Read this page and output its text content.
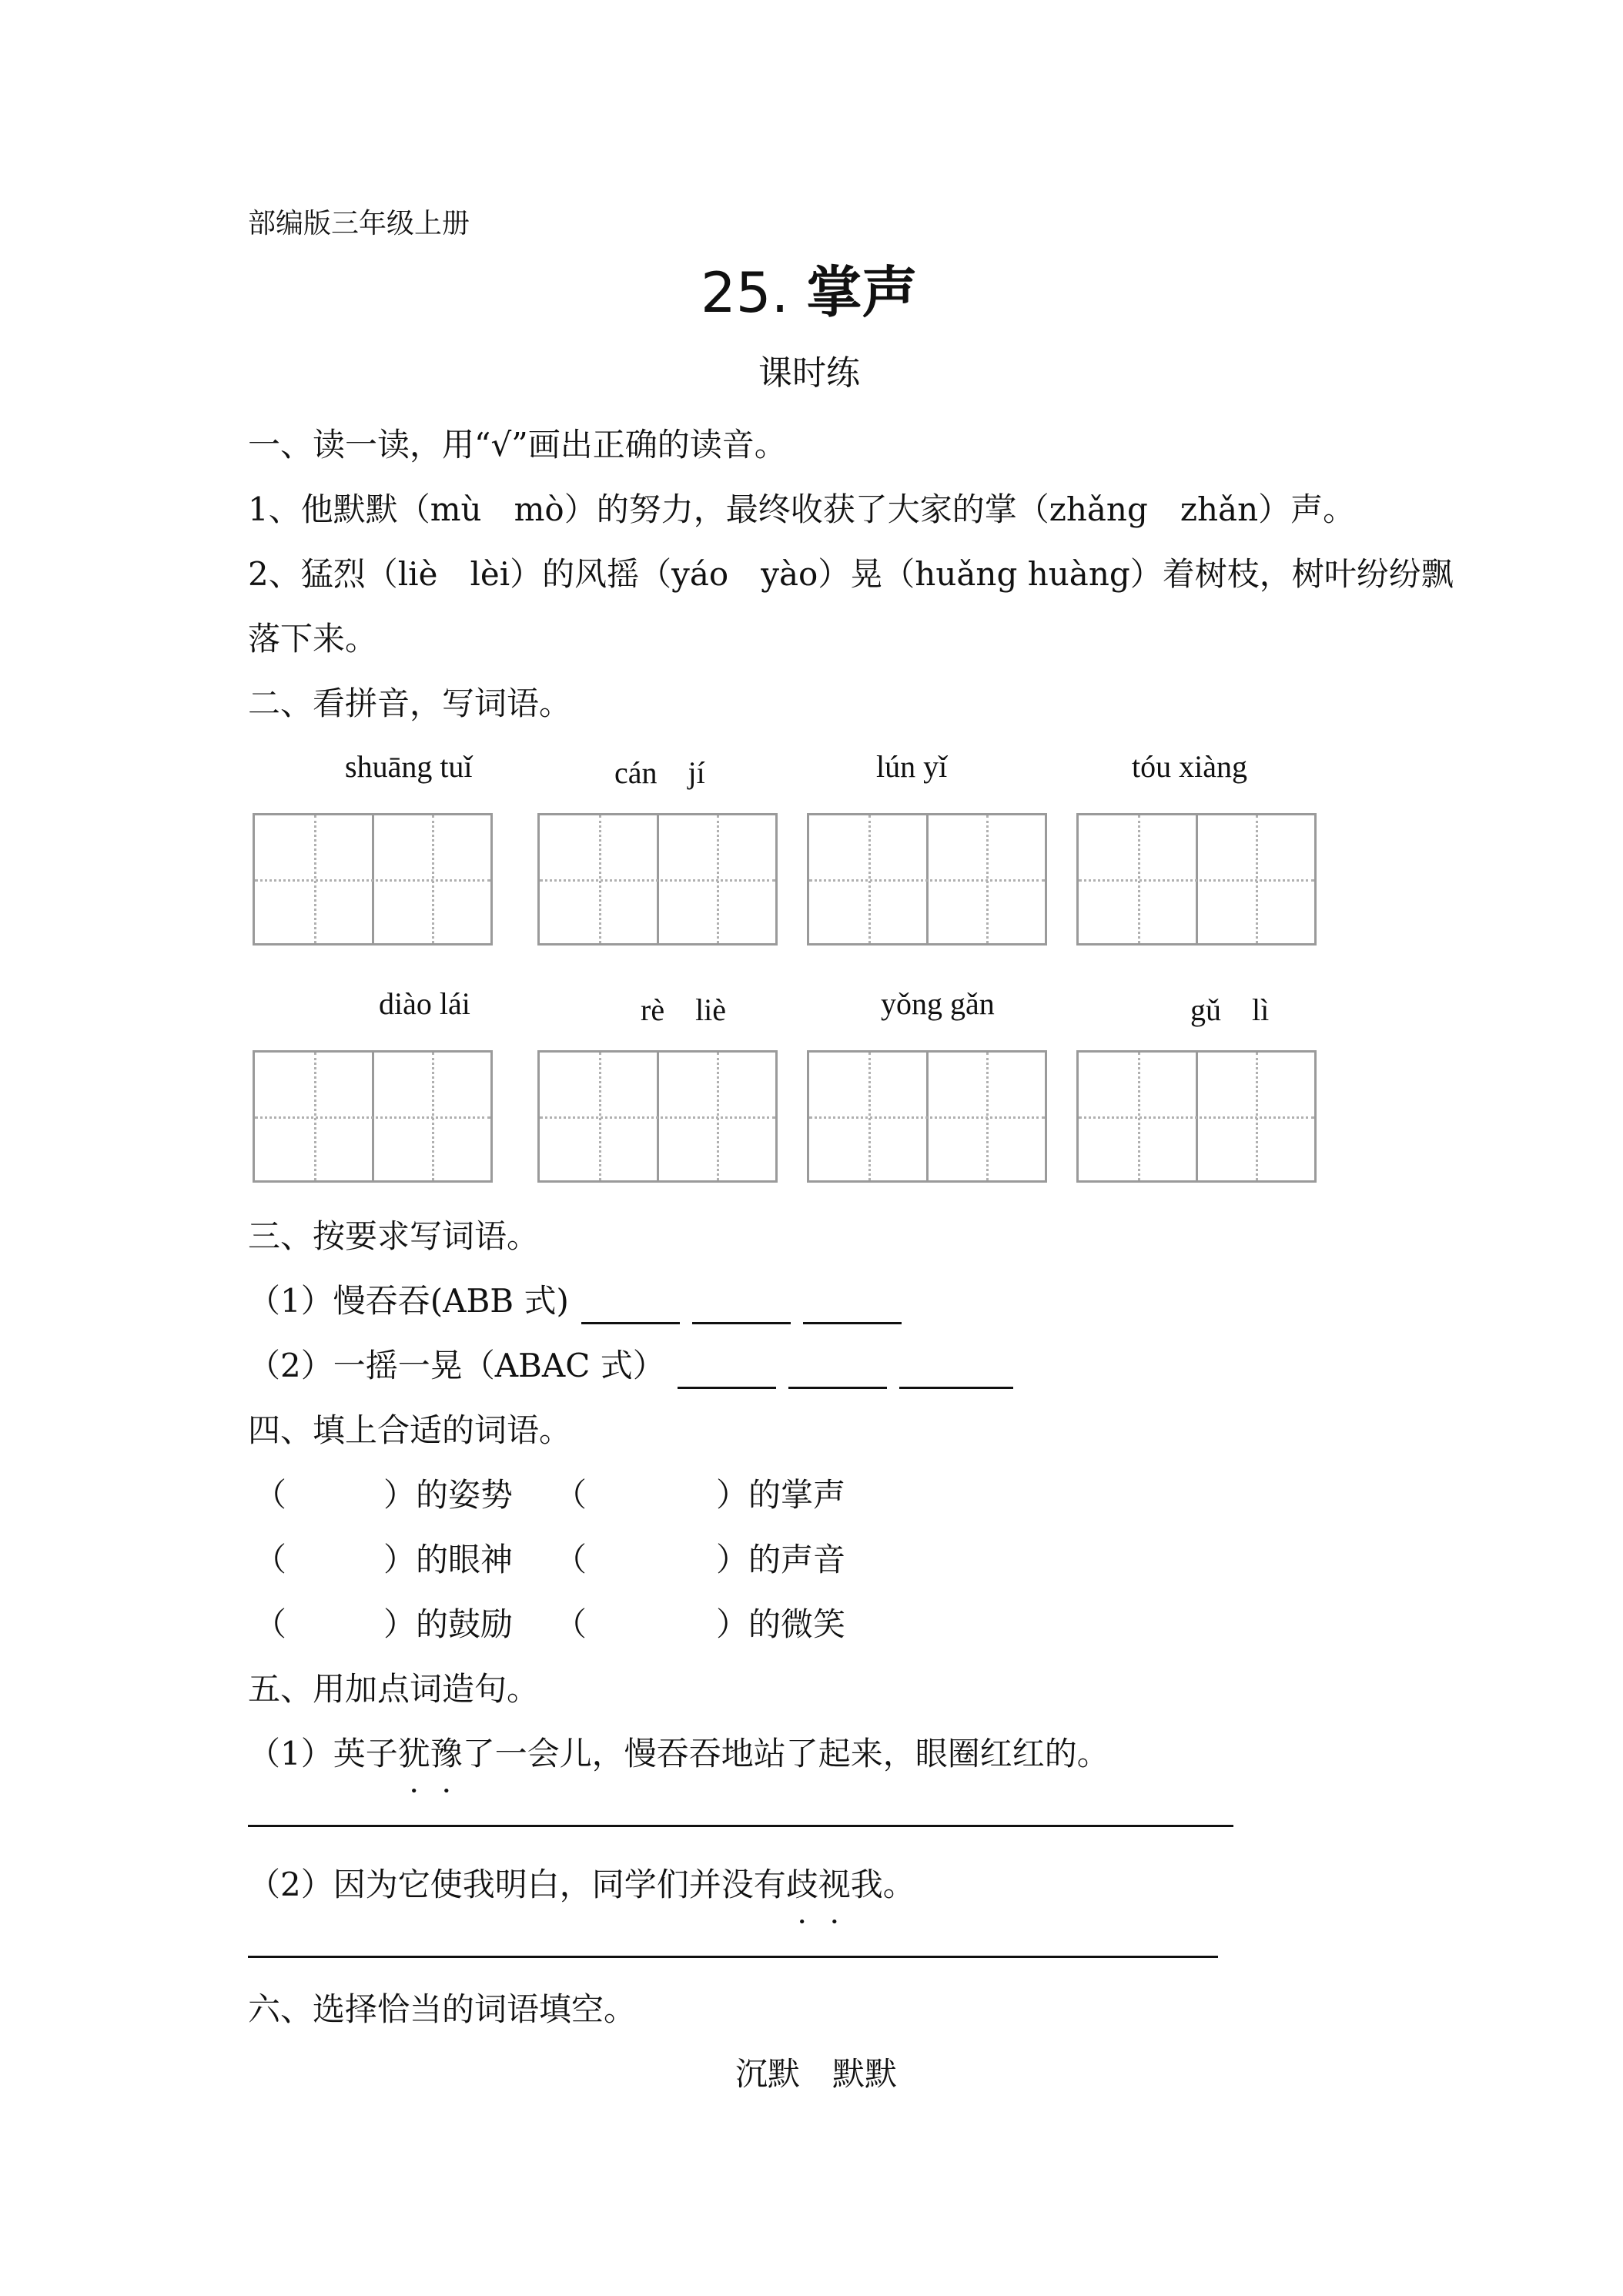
部编版三年级上册
25. 掌声
课时练
一、读一读，用“√”画出正确的读音。
1、他默默（mù　mò）的努力，最终收获了大家的掌（zhǎng　zhǎn）声。
2、猛烈（liè　lèi）的风摇（yáo　yào）晃（huǎng huàng）着树枝，树叶纷纷飘
落下来。
二、看拼音，写词语。
shuāng tuǐ	cán　jí	lún yǐ	tóu xiàng
diào lái	rè　liè	yǒng gǎn	gǔ　lì
三、按要求写词语。
（1）慢吞吞(ABB 式)
（2）一摇一晃（ABAC 式）
四、填上合适的词语。
（　　　）的姿势 （　　　　）的掌声
（　　　）的眼神 （　　　　）的声音
（　　　）的鼓励 （　　　　）的微笑
五、用加点词造句。
（1）英子犹豫了一会儿，慢吞吞地站了起来，眼圈红红的。
（2）因为它使我明白，同学们并没有歧视我。
六、选择恰当的词语填空。
沉默　默默
